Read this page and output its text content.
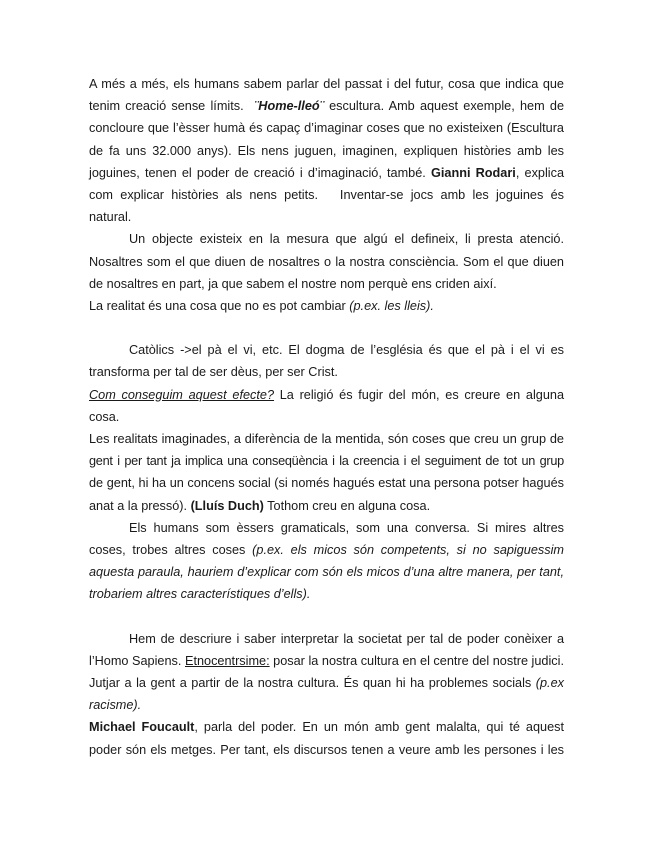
A més a més, els humans sabem parlar del passat i del futur, cosa que indica que
tenim creació sense límits. ¨Home-lleó¨ escultura. Amb aquest exemple, hem de
concloure que l’èsser humà és capaç d’imaginar coses que no existeixen (Escultura
de fa uns 32.000 anys). Els nens juguen, imaginen, expliquen històries amb les
joguines, tenen el poder de creació i d’imaginació, també. Gianni Rodari, explica
com explicar històries als nens petits. Inventar-se jocs amb les joguines és
natural.
Un objecte existeix en la mesura que algú el defineix, li presta atenció.
Nosaltres som el que diuen de nosaltres o la nostra consciència. Som el que diuen
de nosaltres en part, ja que sabem el nostre nom perquè ens criden així.
La realitat és una cosa que no es pot cambiar (p.ex. les lleis).
Catòlics ->el pà el vi, etc. El dogma de l’església és que el pà i el vi es
transforma per tal de ser dèus, per ser Crist.
Com conseguim aquest efecte? La religió és fugir del món, es creure en alguna
cosa.
Les realitats imaginades, a diferència de la mentida, són coses que creu un grup de
gent i per tant ja implica una conseqüència i la creencia i el seguiment de tot un grup
de gent, hi ha un concens social (si només hagués estat una persona potser hagués
anat a la pressó). (Lluís Duch) Tothom creu en alguna cosa.
Els humans som èssers gramaticals, som una conversa. Si mires altres
coses, trobes altres coses (p.ex. els micos són competents, si no sapiguessim
aquesta paraula, hauriem d’explicar com són els micos d’una altre manera, per tant,
trobariem altres característiques d’ells).
Hem de descriure i saber interpretar la societat per tal de poder conèixer a
l’Homo Sapiens. Etnocentrsime: posar la nostra cultura en el centre del nostre judici.
Jutjar a la gent a partir de la nostra cultura. És quan hi ha problemes socials (p.ex
racisme).
Michael Foucault, parla del poder. En un món amb gent malalta, qui té aquest
poder són els metges. Per tant, els discursos tenen a veure amb les persones i les
